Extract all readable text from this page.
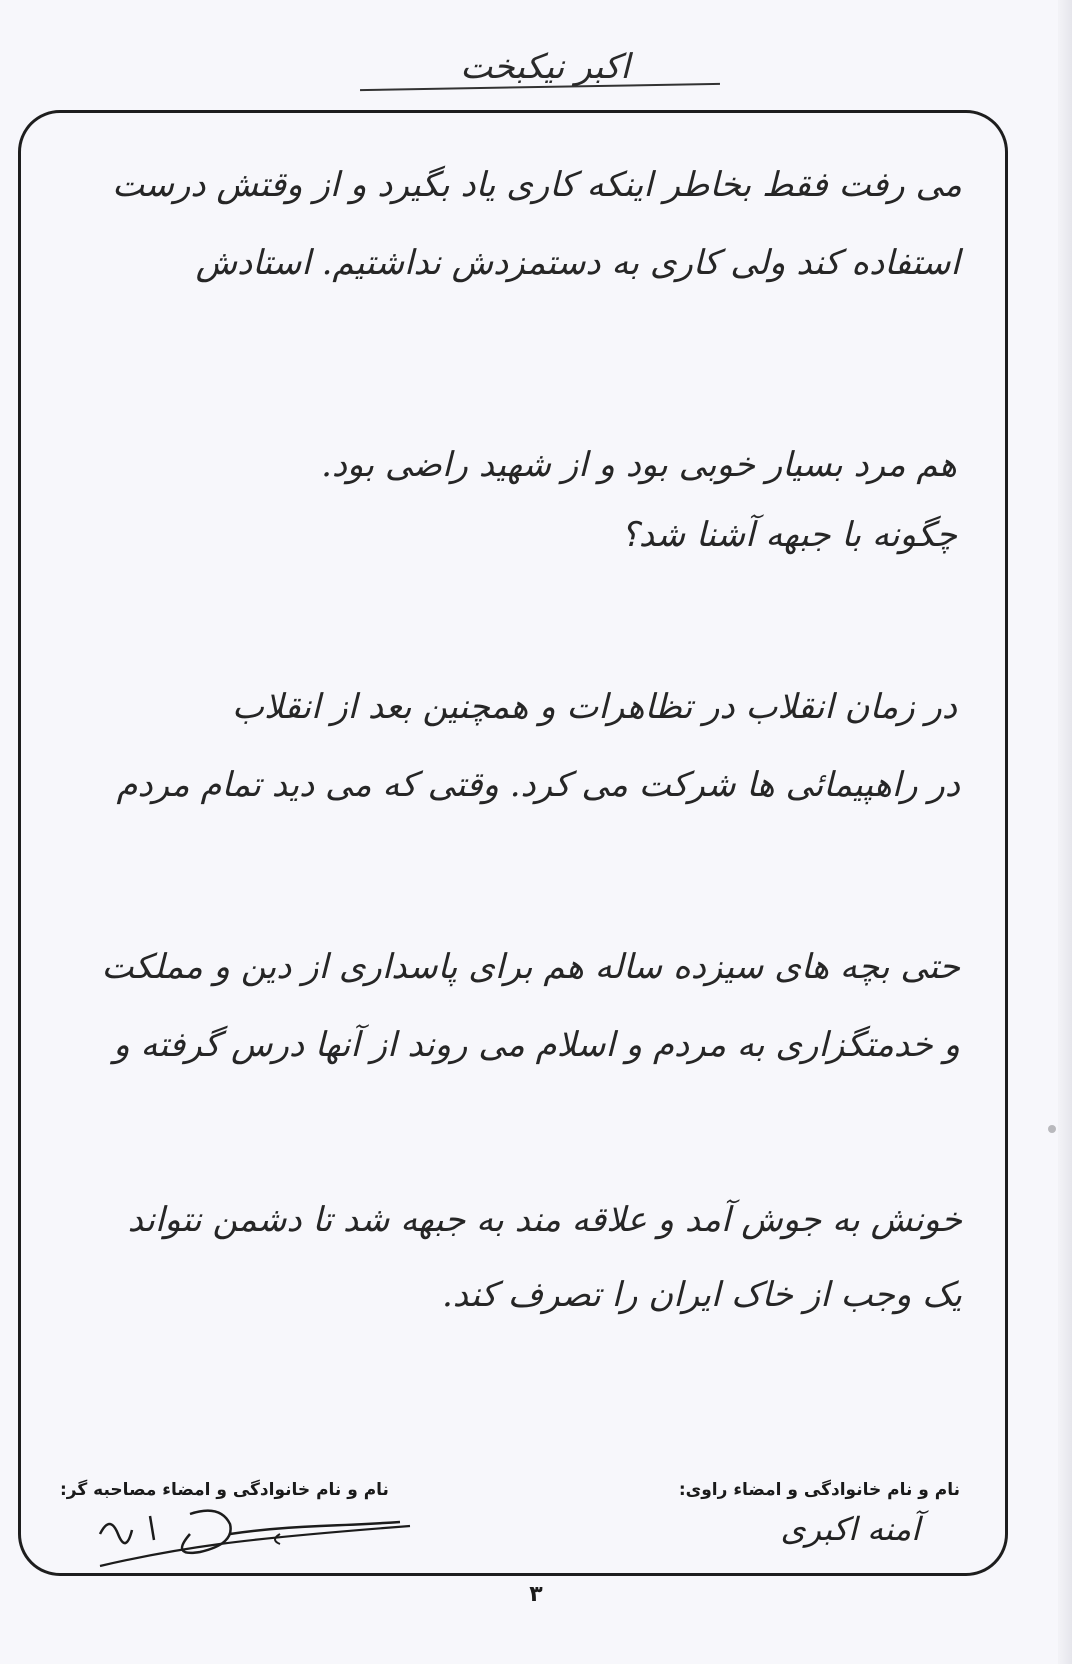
اکبر نیکبخت
می رفت فقط بخاطر اینکه کاری یاد بگیرد و از وقتش درست
استفاده کند ولی کاری به دستمزدش نداشتیم. استادش
هم مرد بسیار خوبی بود و از شهید راضی بود.
چگونه با جبهه آشنا شد؟
در زمان انقلاب در تظاهرات و همچنین بعد از انقلاب
در راهپیمائی ها شرکت می کرد. وقتی که می دید تمام مردم
حتی بچه های سیزده ساله هم برای پاسداری از دین و مملکت
و خدمتگزاری به مردم و اسلام می روند از آنها درس گرفته و
خونش به جوش آمد و علاقه مند به جبهه شد تا دشمن نتواند
یک وجب از خاک ایران را تصرف کند.
نام و نام خانوادگی و امضاء راوی:
نام و نام خانوادگی و امضاء مصاحبه گر:
آمنه اکبری
۳
